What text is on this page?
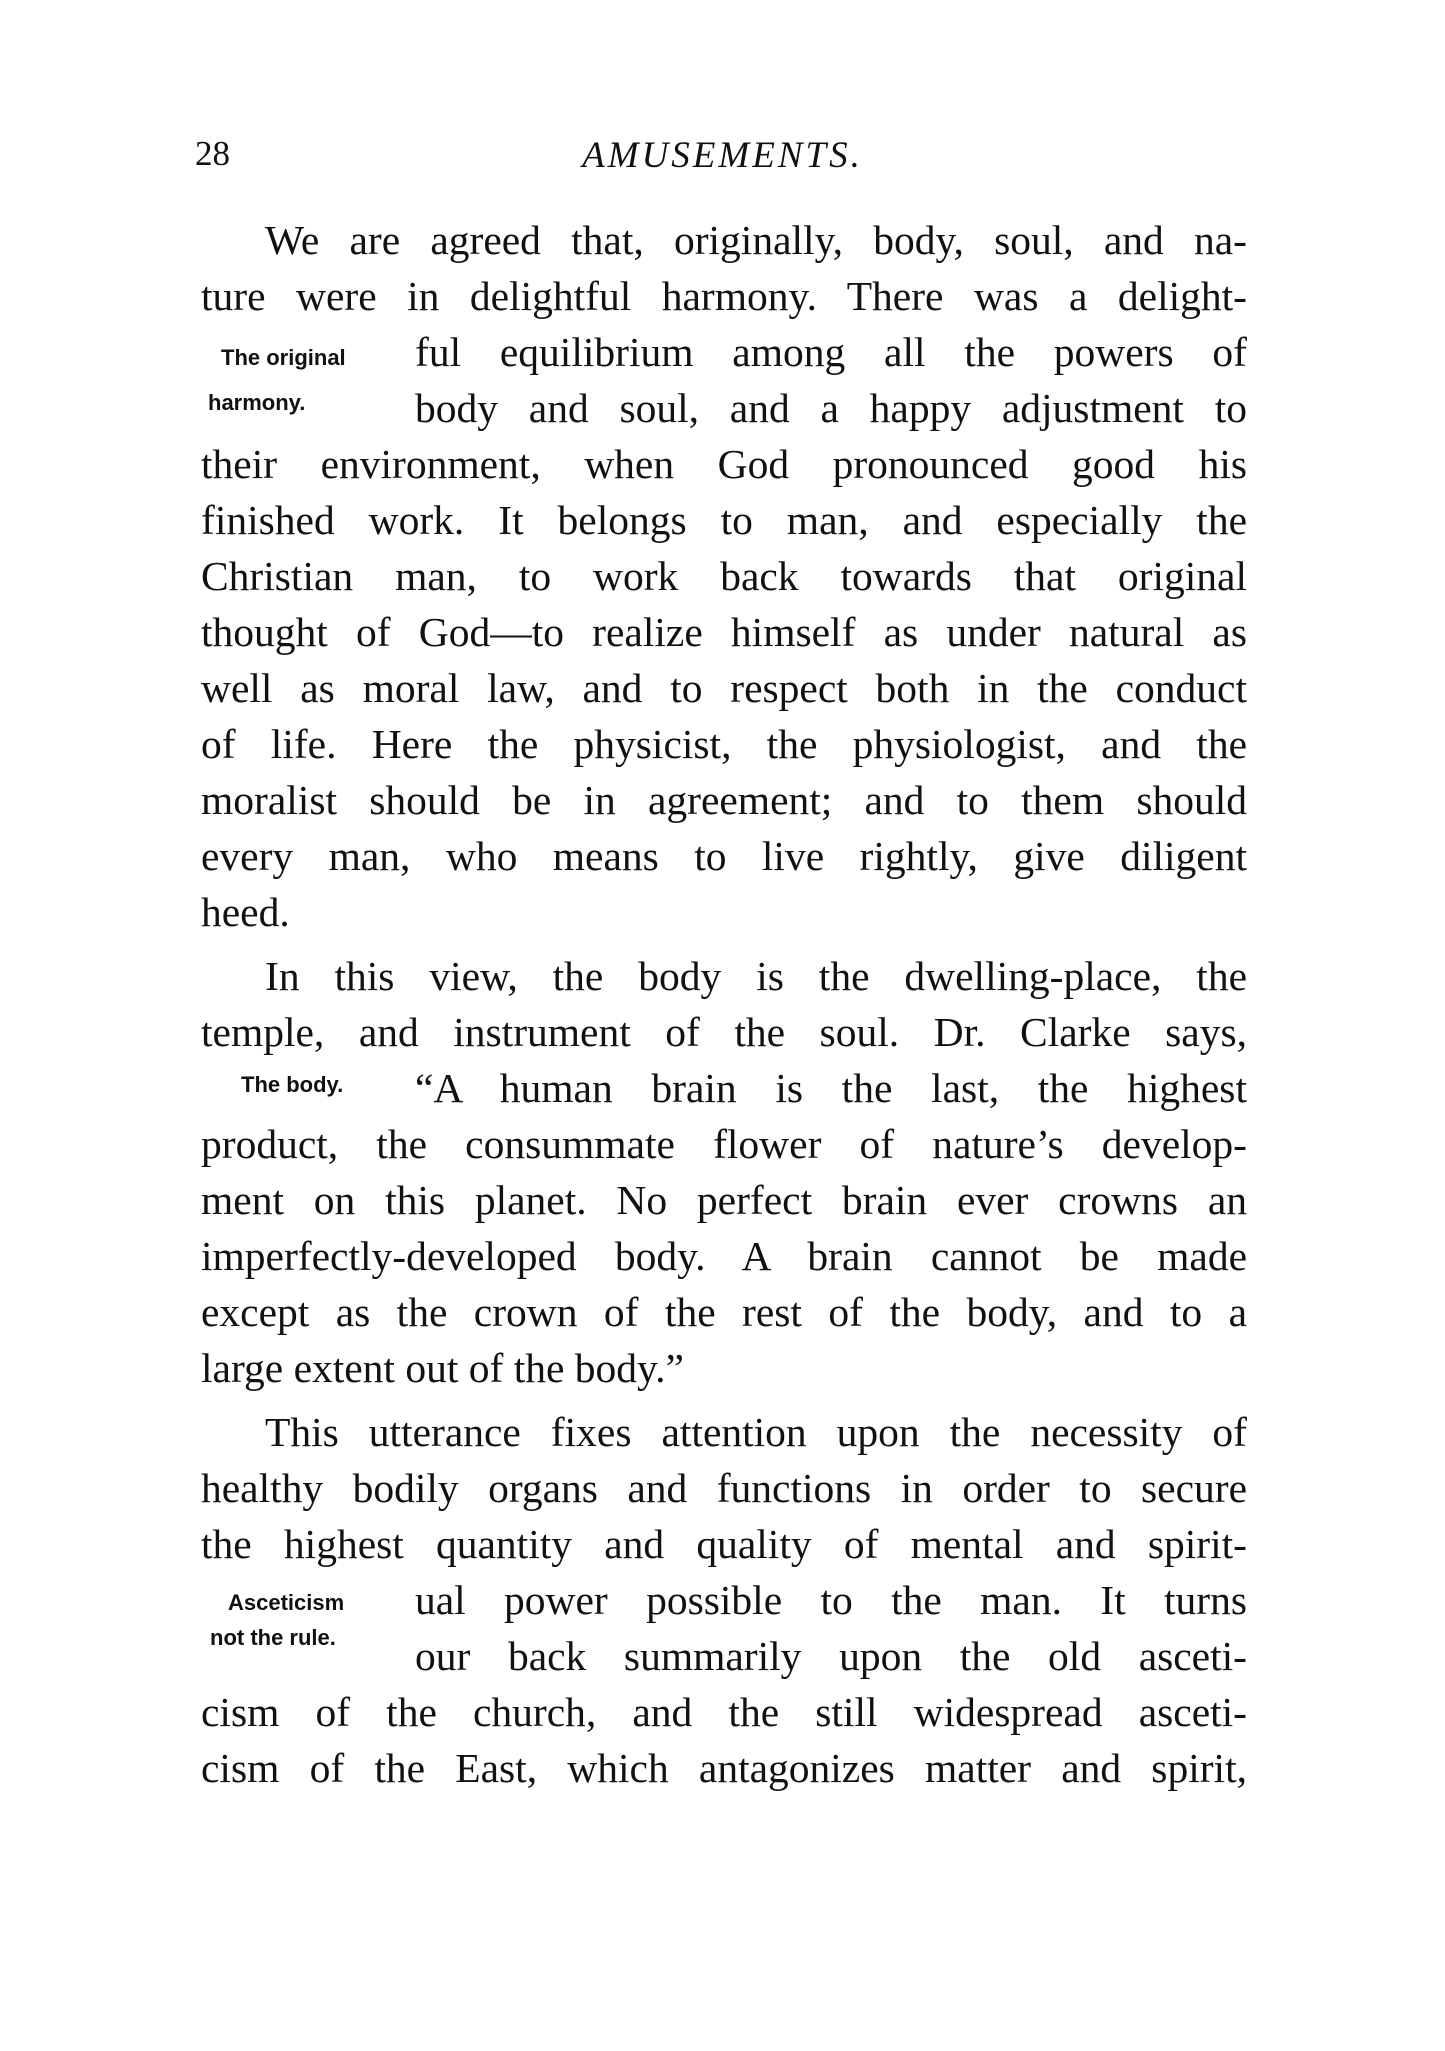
28	AMUSEMENTS.
We are agreed that, originally, body, soul, and na-
ture were in delightful harmony. There was a delight-
ful equilibrium among all the powers of
body and soul, and a happy adjustment to
their environment, when God pronounced good his
finished work. It belongs to man, and especially the
Christian man, to work back towards that original
thought of God—to realize himself as under natural as
well as moral law, and to respect both in the conduct
of life. Here the physicist, the physiologist, and the
moralist should be in agreement; and to them should
every man, who means to live rightly, give diligent
heed.
In this view, the body is the dwelling-place, the
temple, and instrument of the soul. Dr. Clarke says,
“A human brain is the last, the highest
product, the consummate flower of nature’s develop-
ment on this planet. No perfect brain ever crowns an
imperfectly-developed body. A brain cannot be made
except as the crown of the rest of the body, and to a
large extent out of the body.”
This utterance fixes attention upon the necessity of
healthy bodily organs and functions in order to secure
the highest quantity and quality of mental and spirit-
ual power possible to the man. It turns
our back summarily upon the old asceti-
cism of the church, and the still widespread asceti-
cism of the East, which antagonizes matter and spirit,
The original
harmony.
The body.
Asceticism
not the rule.
